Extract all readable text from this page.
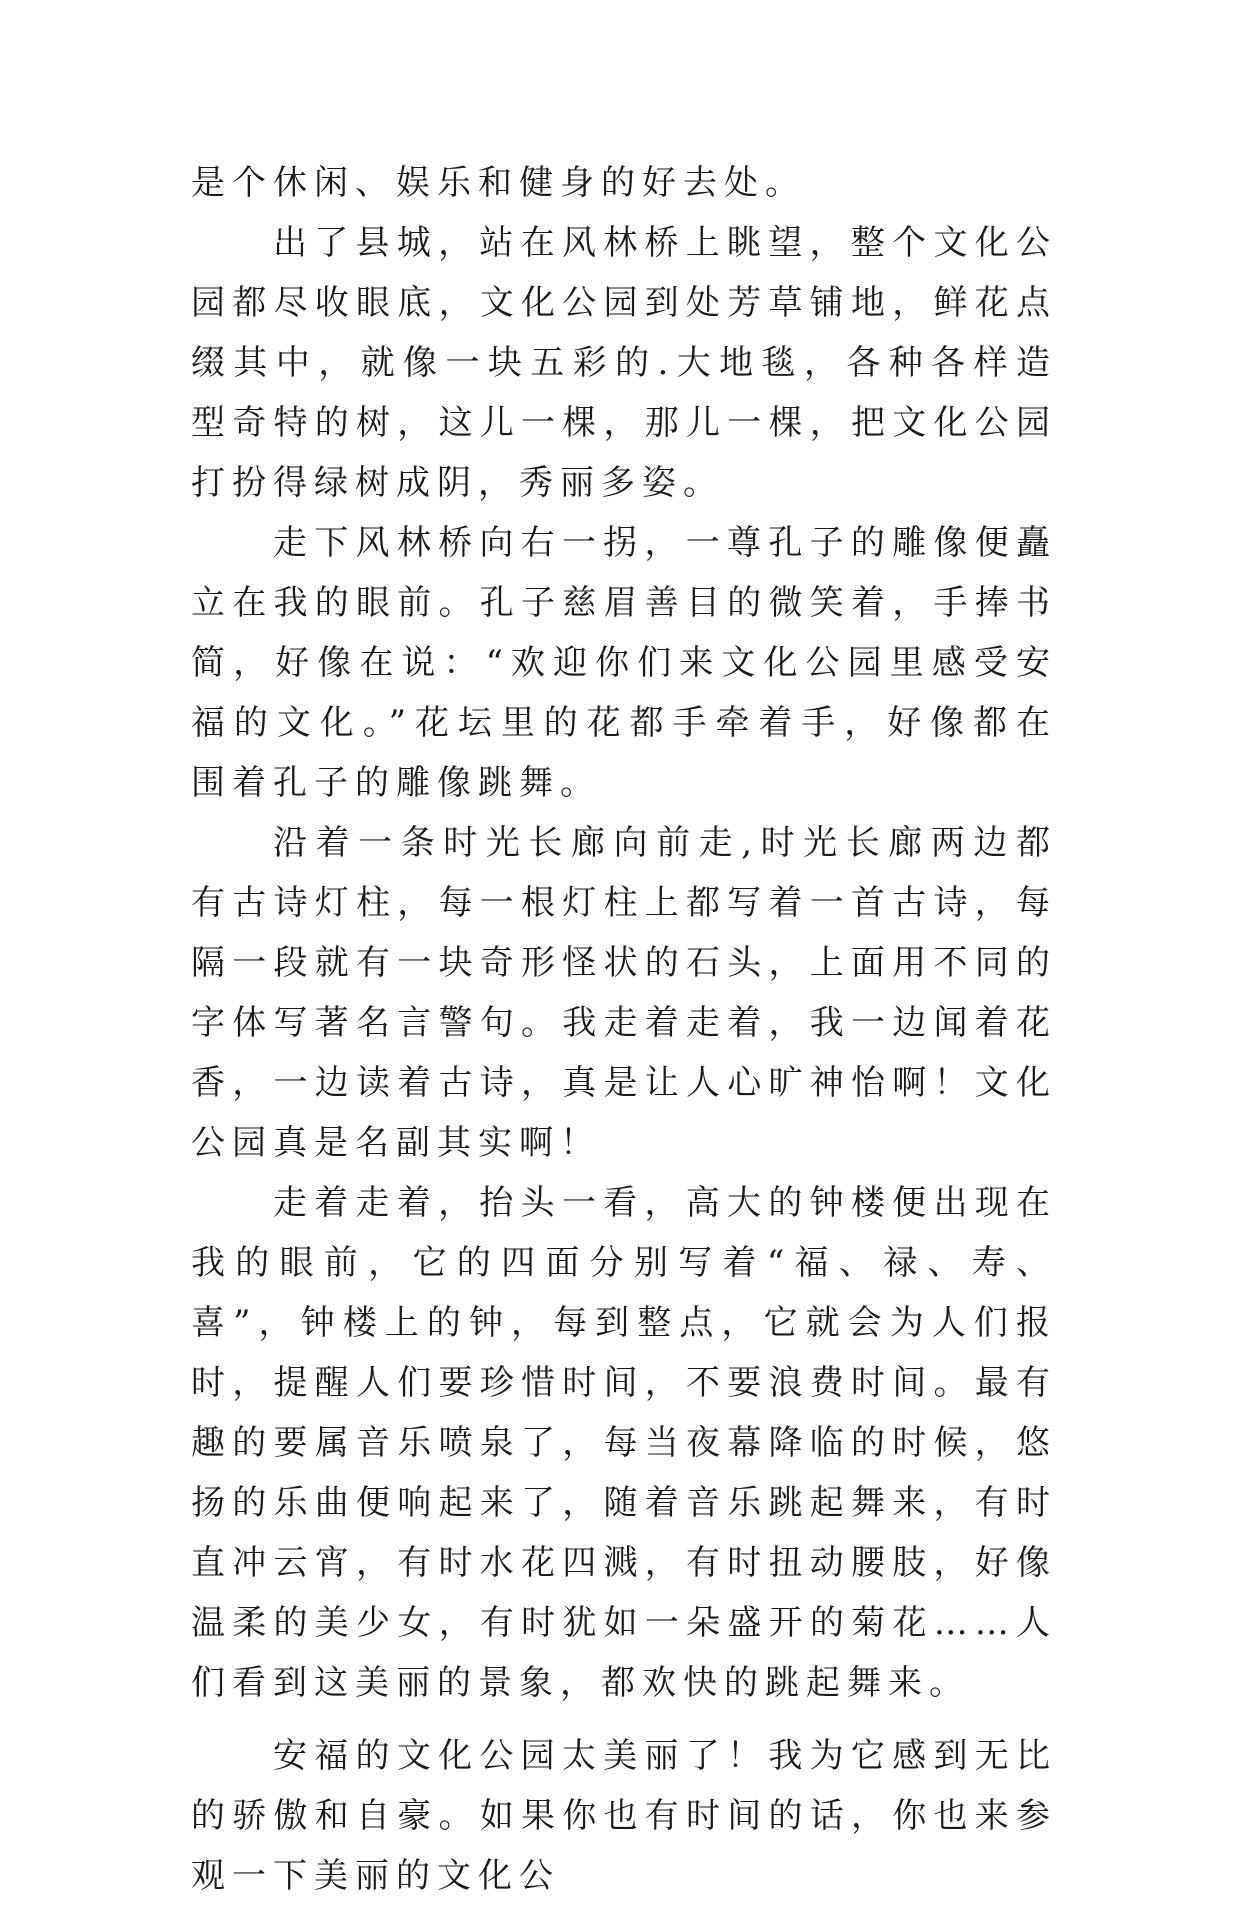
是个休闲、娱乐和健身的好去处。

出了县城，站在风林桥上眺望，整个文化公园都尽收眼底，文化公园到处芳草铺地，鲜花点缀其中，就像一块五彩的.大地毯，各种各样造型奇特的树，这儿一棵，那儿一棵，把文化公园打扮得绿树成阴，秀丽多姿。

走下风林桥向右一拐，一尊孔子的雕像便矗立在我的眼前。孔子慈眉善目的微笑着，手捧书简，好像在说：“欢迎你们来文化公园里感受安福的文化。”花坛里的花都手牵着手，好像都在围着孔子的雕像跳舞。

沿着一条时光长廊向前走,时光长廊两边都有古诗灯柱，每一根灯柱上都写着一首古诗，每隔一段就有一块奇形怪状的石头，上面用不同的字体写著名言警句。我走着走着，我一边闻着花香，一边读着古诗，真是让人心旷神怡啊！文化公园真是名副其实啊！

走着走着，抬头一看，高大的钟楼便出现在我的眼前，它的四面分别写着“福、禄、寿、喜”，钟楼上的钟，每到整点，它就会为人们报时，提醒人们要珍惜时间，不要浪费时间。最有趣的要属音乐喷泉了，每当夜幕降临的时候，悠扬的乐曲便响起来了，随着音乐跳起舞来，有时直冲云宵，有时水花四溅，有时扭动腰肢，好像温柔的美少女，有时犹如一朵盛开的菊花……人们看到这美丽的景象，都欢快的跳起舞来。

安福的文化公园太美丽了！我为它感到无比的骄傲和自豪。如果你也有时间的话，你也来参观一下美丽的文化公
